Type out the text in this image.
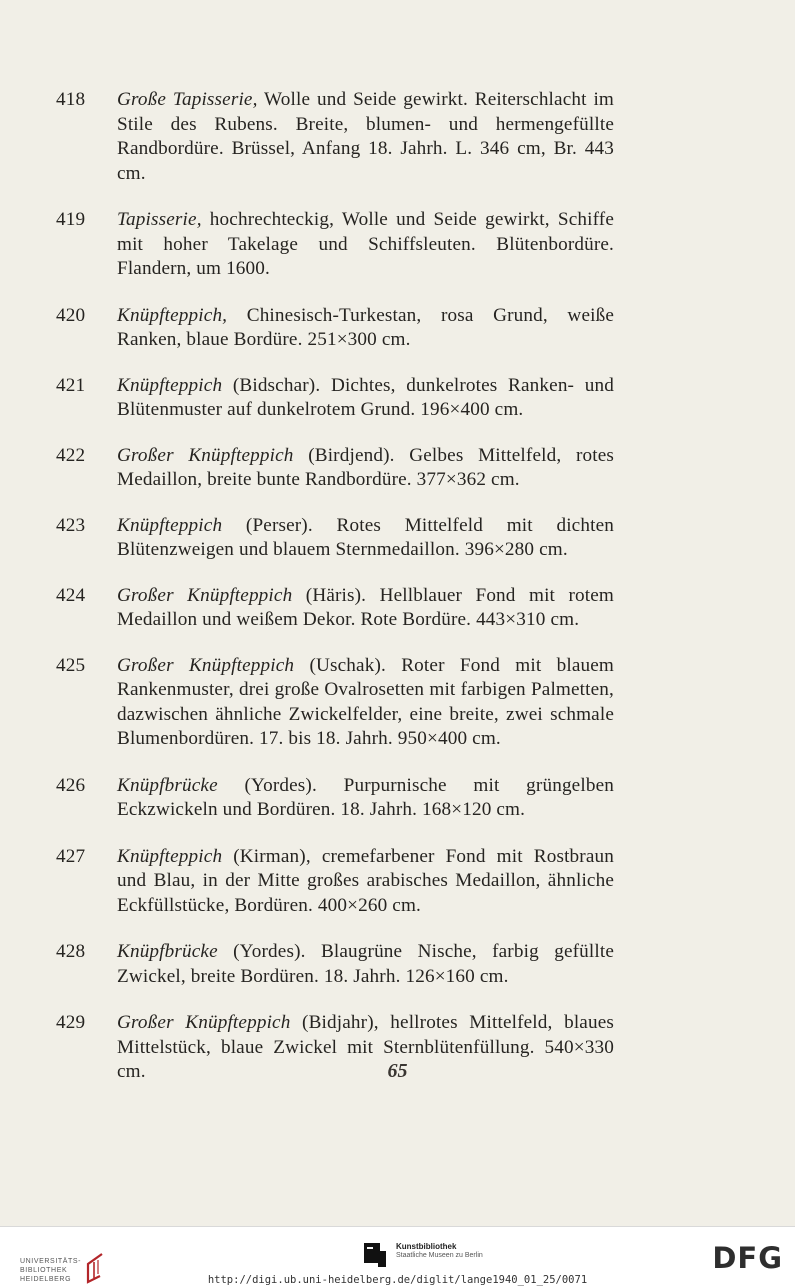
418	Große Tapisserie, Wolle und Seide gewirkt. Reiterschlacht im Stile des Rubens. Breite, blumen- und hermengefüllte Randbordüre. Brüssel, Anfang 18. Jahrh. L. 346 cm, Br. 443 cm.

419	Tapisserie, hochrechteckig, Wolle und Seide gewirkt, Schiffe mit hoher Takelage und Schiffsleuten. Blütenbordüre. Flandern, um 1600.

420	Knüpfteppich, Chinesisch-Turkestan, rosa Grund, weiße Ranken, blaue Bordüre. 251×300 cm.

421	Knüpfteppich (Bidschar). Dichtes, dunkelrotes Ranken- und Blütenmuster auf dunkelrotem Grund. 196×400 cm.

422	Großer Knüpfteppich (Birdjend). Gelbes Mittelfeld, rotes Medaillon, breite bunte Randbordüre. 377×362 cm.

423	Knüpfteppich (Perser). Rotes Mittelfeld mit dichten Blütenzweigen und blauem Sternmedaillon. 396×280 cm.

424	Großer Knüpfteppich (Häris). Hellblauer Fond mit rotem Medaillon und weißem Dekor. Rote Bordüre. 443×310 cm.

425	Großer Knüpfteppich (Uschak). Roter Fond mit blauem Rankenmuster, drei große Ovalrosetten mit farbigen Palmetten, dazwischen ähnliche Zwickelfelder, eine breite, zwei schmale Blumenbordüren. 17. bis 18. Jahrh. 950×400 cm.

426	Knüpfbrücke (Yordes). Purpurnische mit grüngelben Eckzwickeln und Bordüren. 18. Jahrh. 168×120 cm.

427	Knüpfteppich (Kirman), cremefarbener Fond mit Rostbraun und Blau, in der Mitte großes arabisches Medaillon, ähnliche Eckfüllstücke, Bordüren. 400×260 cm.

428	Knüpfbrücke (Yordes). Blaugrüne Nische, farbig gefüllte Zwickel, breite Bordüren. 18. Jahrh. 126×160 cm.

429	Großer Knüpfteppich (Bidjahr), hellrotes Mittelfeld, blaues Mittelstück, blaue Zwickel mit Sternblütenfüllung. 540×330 cm.	65
UNIVERSITÄTS-
BIBLIOTHEK
HEIDELBERG
Kunstbibliothek
Staatliche Museen zu Berlin	DFG
http://digi.ub.uni-heidelberg.de/diglit/lange1940_01_25/0071
